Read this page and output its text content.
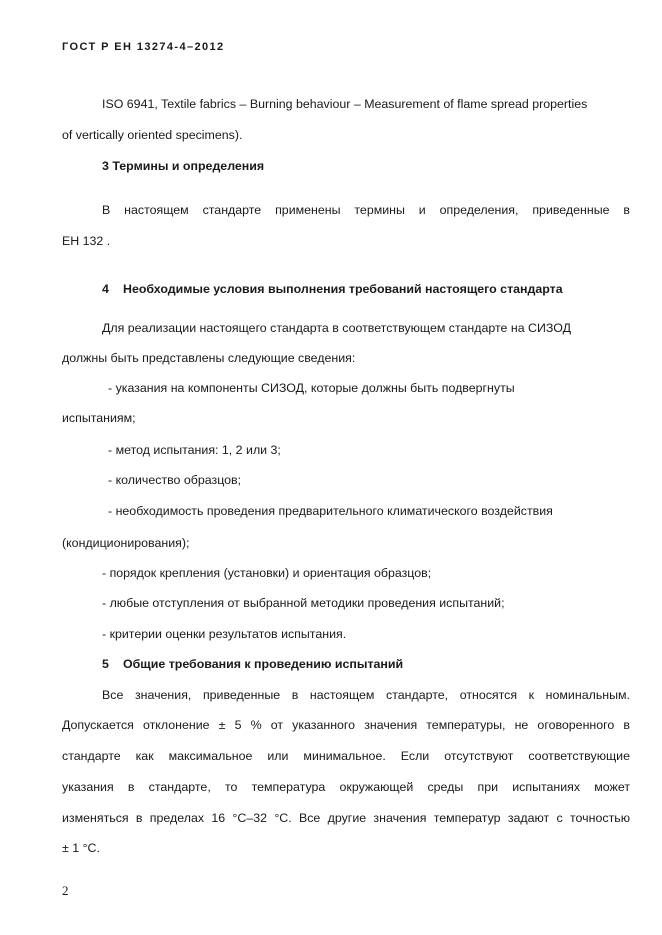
ГОСТ Р ЕН 13274-4–2012
ISO 6941, Textile fabrics – Burning behaviour – Measurement of flame spread properties
of vertically oriented specimens).
3 Термины и определения
В настоящем стандарте применены термины и определения, приведенные в
ЕН 132 .
4 Необходимые условия выполнения требований настоящего стандарта
Для реализации настоящего стандарта в соответствующем стандарте на СИЗОД
должны быть представлены следующие сведения:
- указания на компоненты СИЗОД, которые должны быть подвергнуты
испытаниям;
- метод испытания: 1, 2 или 3;
- количество образцов;
- необходимость проведения предварительного климатического воздействия
(кондиционирования);
- порядок крепления (установки) и ориентация образцов;
- любые отступления от выбранной методики проведения испытаний;
- критерии оценки результатов испытания.
5 Общие требования к проведению испытаний
Все значения, приведенные в настоящем стандарте, относятся к номинальным.
Допускается отклонение ± 5 % от указанного значения температуры, не оговоренного в
стандарте как максимальное или минимальное. Если отсутствуют соответствующие
указания в стандарте, то температура окружающей среды при испытаниях может
изменяться в пределах 16 °C–32 °C. Все другие значения температур задают с точностью
± 1 °C.
2
